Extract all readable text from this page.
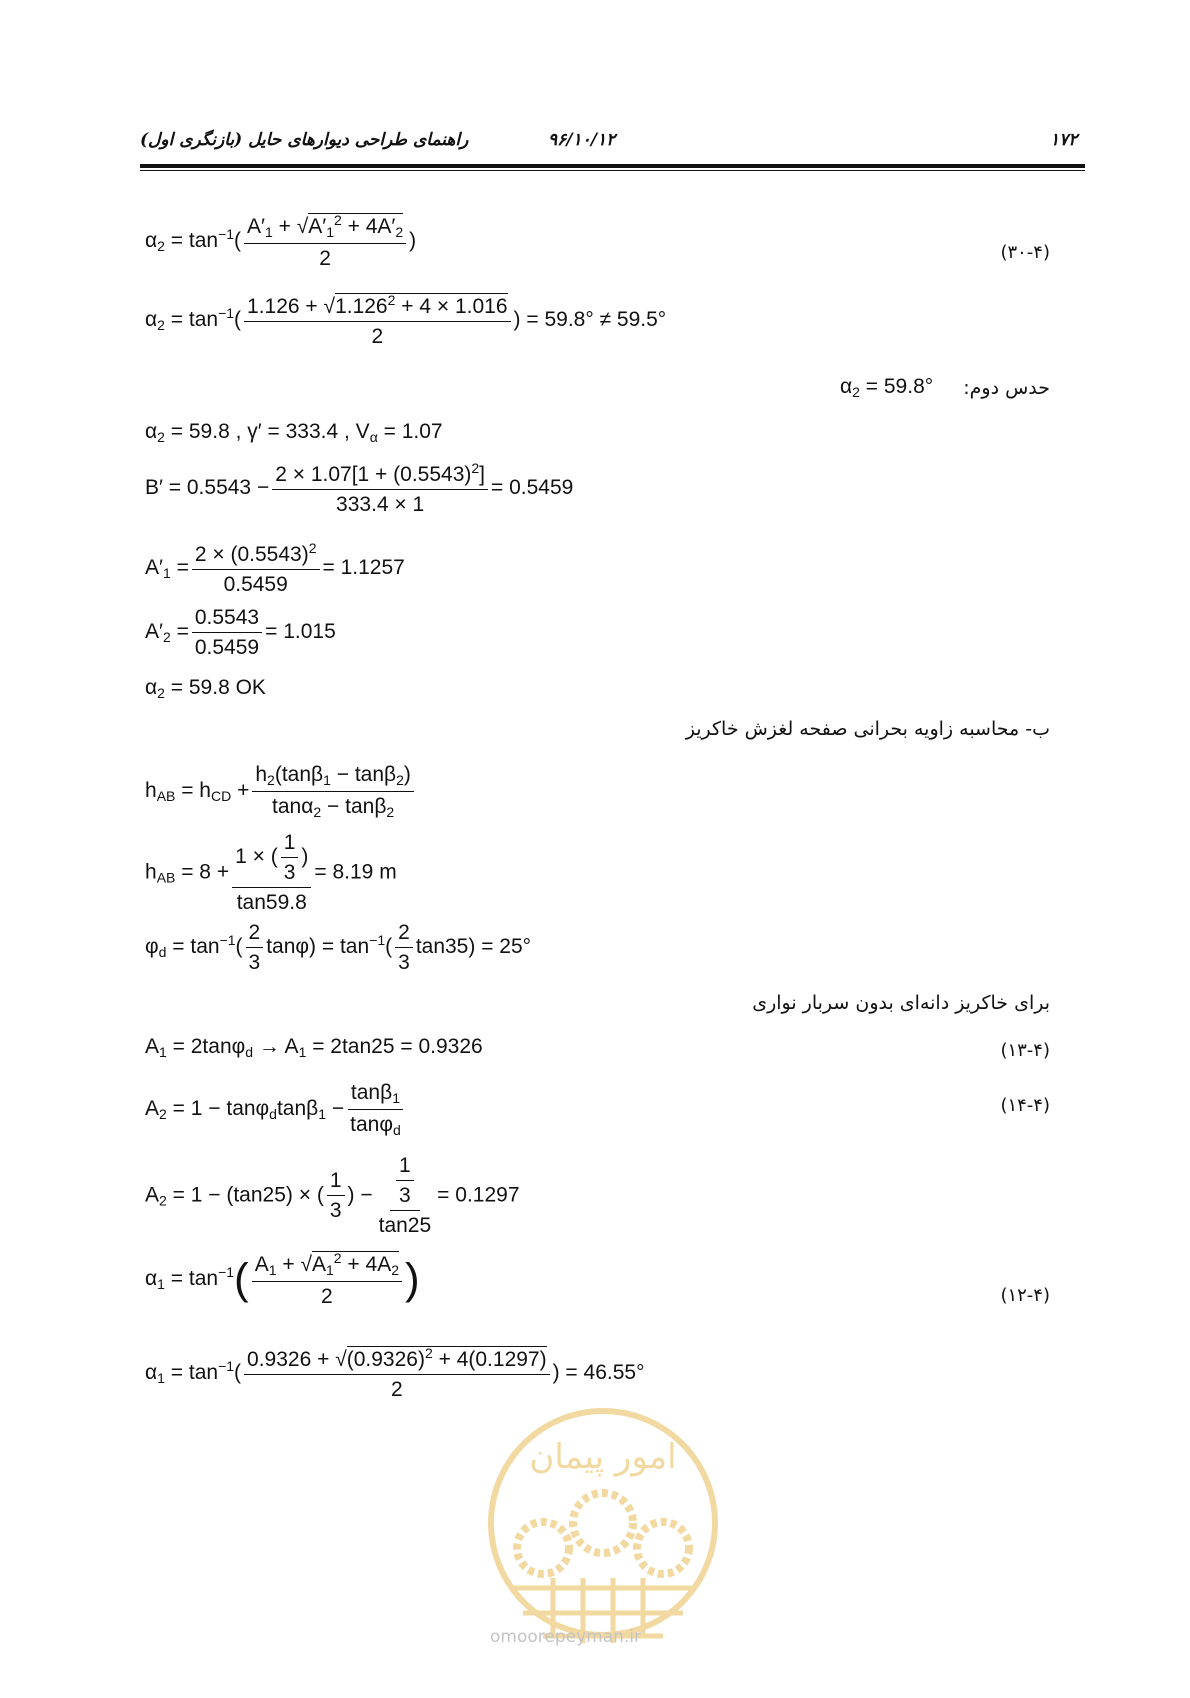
۱۷۲
۹۶/۱۰/۱۲
راهنمای طراحی دیوارهای حایل (بازنگری اول)
$\alpha_2 = \tan^{-1}( \frac{A'_1 + √A'_1^2 + 4A'_2}{2}$ )
(۳۰-۴)
$\alpha_2 = \tan^{-1}( \frac{1.126 + √1.126^2 + 4 \times 1.016}{2}$ ) = 59.8° ≠ 59.5°
حدس دوم:
$\alpha_2 = 59.8^\circ$
$\alpha_2 = 59.8$ , γ′ = 333.4 , $V_\alpha = 1.07$
$B' = 0.5543 - \frac{2 \times 1.07[1 + (0.5543)^2]}{333.4 \times 1} = 0.5459$
$A'_1 = \frac{2 \times (0.5543)^2}{0.5459} = 1.1257$
$A'_2 = \frac{0.5543}{0.5459} = 1.015$
$\alpha_2 = 59.8$ OK
ب- محاسبه زاویه بحرانی صفحه لغزش خاکریز
$h_{AB} = h_{CD} + \frac{h_2(\tan\beta_1 - \tan\beta_2)}{\tan\alpha_2 - \tan\beta_2}$
$h_{AB} = 8 + \frac{1 \times ( \frac{1}{3} )}{\tan 59.8} = 8.19$ m
$\varphi_d = \tan^{-1}( \frac{2}{3} \tan\varphi) = \tan^{-1}( \frac{2}{3} \tan 35) = 25^\circ$
برای خاکریز دانه‌ای بدون سربار نواری
$A_1 = 2\tan\varphi_d \to A_1 = 2\tan 25 = 0.9326$	(۱۳-۴)
$A_2 = 1 - \tan\varphi_d\tan\beta_1 - \frac{\tan\beta_1}{\tan\varphi_d}$	(۱۴-۴)
$A_2 = 1 - (\tan 25)$ × ( $\frac{1}{3}$ ) − $\frac{\frac{1}{3}}{\tan 25} = 0.1297$
$\alpha_1 = \tan^{-1}( \frac{A_1 + √A_1^2 + 4A_2}{2}$ )	(۱۲-۴)
$\alpha_1 = \tan^{-1}( \frac{0.9326 + √(0.9326)^2 + 4(0.1297)}{2}$ ) = 46.55°
امور پیمان
omoorepeyman.ir
